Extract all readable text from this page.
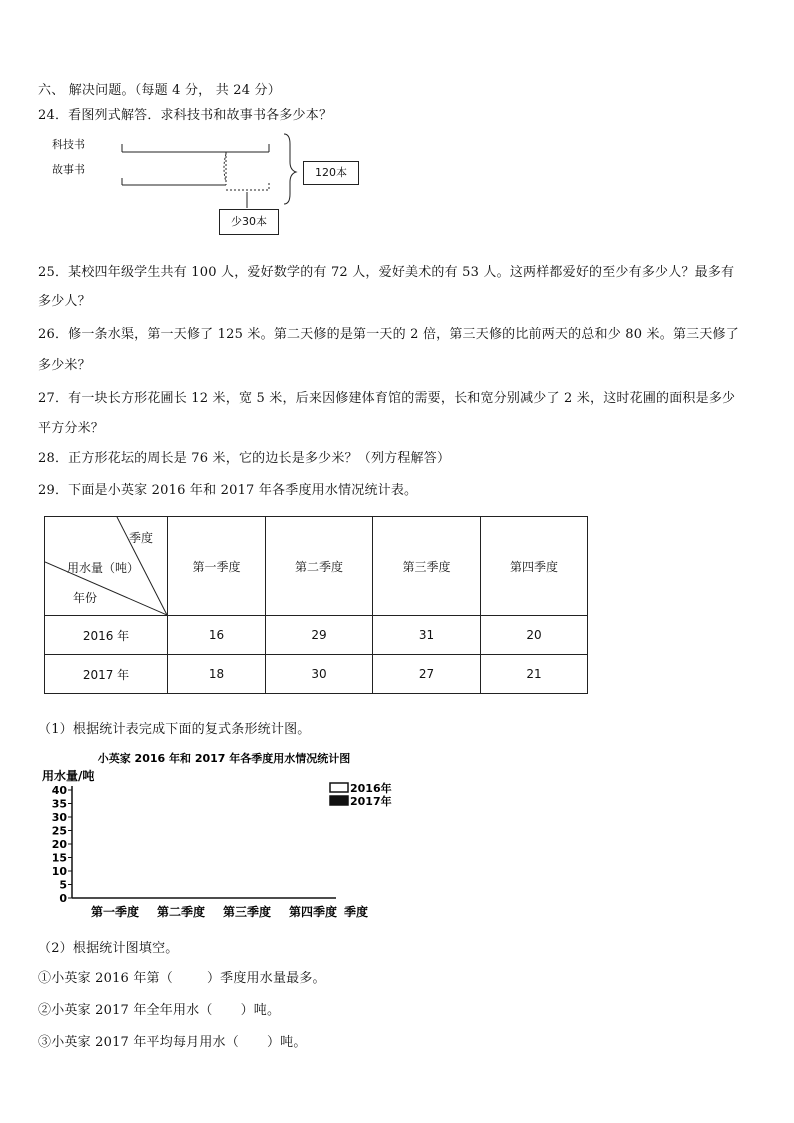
六、 解决问题。（每题 4 分， 共 24 分）
24．看图列式解答．求科技书和故事书各多少本？
科技书
故事书	120本
少30本
25．某校四年级学生共有 100 人，爱好数学的有 72 人，爱好美术的有 53 人。这两样都爱好的至少有多少人？最多有
多少人？
26．修一条水渠，第一天修了 125 米。第二天修的是第一天的 2 倍，第三天修的比前两天的总和少 80 米。第三天修了
多少米？
27．有一块长方形花圃长 12 米，宽 5 米，后来因修建体育馆的需要，长和宽分别减少了 2 米，这时花圃的面积是多少
平方分米？
28．正方形花坛的周长是 76 米，它的边长是多少米？（列方程解答）
29．下面是小英家 2016 年和 2017 年各季度用水情况统计表。
季度
用水量（吨）
年份	第一季度	第二季度	第三季度	第四季度
2016 年	16	29	31	20
2017 年	18	30	27	21
（1）根据统计表完成下面的复式条形统计图。
小英家 2016 年和 2017 年各季度用水情况统计图
用水量/吨
0
5
10
15
20
25
30
35
40
第一季度 第二季度 第三季度 第四季度 季度
2016年
2017年
（2）根据统计图填空。
①小英家 2016 年第（	）季度用水量最多。
②小英家 2017 年全年用水（ ）吨。
③小英家 2017 年平均每月用水（ ）吨。
